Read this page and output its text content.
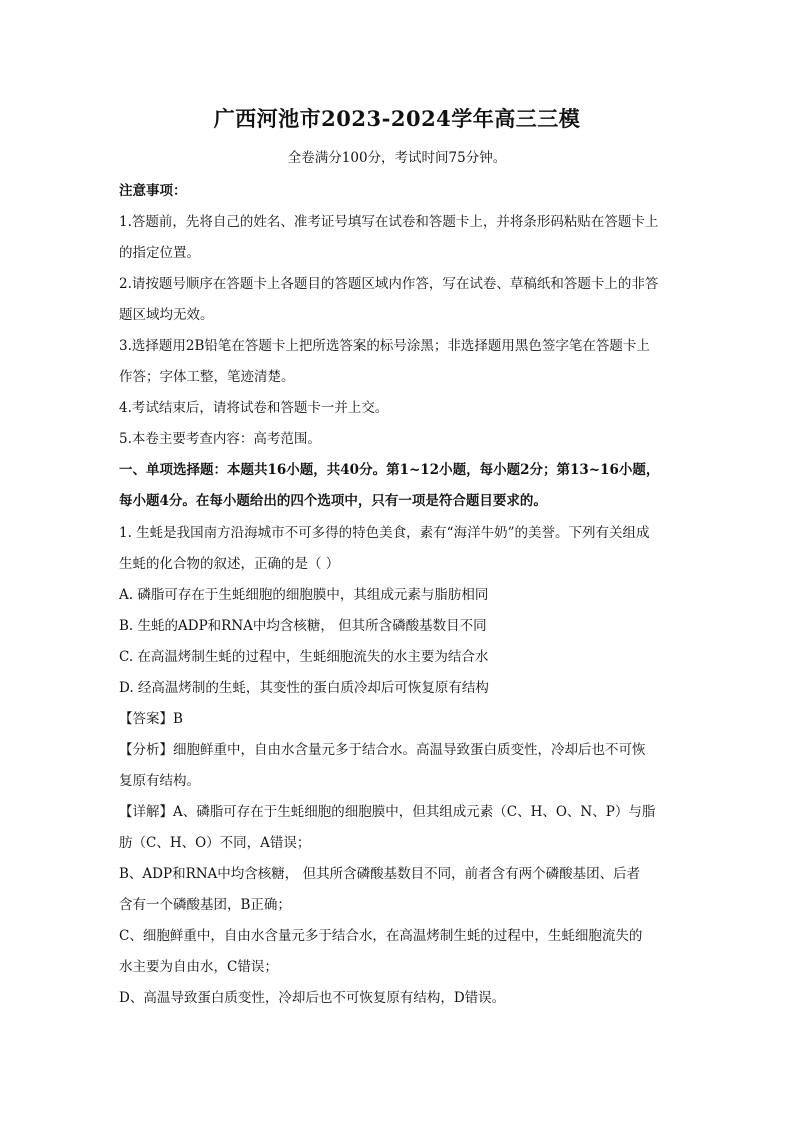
广西河池市2023-2024学年高三三模
全卷满分100分，考试时间75分钟。
注意事项：
1.答题前，先将自己的姓名、准考证号填写在试卷和答题卡上，并将条形码粘贴在答题卡上
的指定位置。
2.请按题号顺序在答题卡上各题目的答题区域内作答，写在试卷、草稿纸和答题卡上的非答
题区域均无效。
3.选择题用2B铅笔在答题卡上把所选答案的标号涂黑；非选择题用黑色签字笔在答题卡上
作答；字体工整，笔迹清楚。
4.考试结束后，请将试卷和答题卡一并上交。
5.本卷主要考查内容：高考范围。
一、单项选择题：本题共16小题，共40分。第1~12小题，每小题2分；第13~16小题，
每小题4分。在每小题给出的四个选项中，只有一项是符合题目要求的。
1. 生蚝是我国南方沿海城市不可多得的特色美食，素有“海洋牛奶”的美誉。下列有关组成
生蚝的化合物的叙述，正确的是（ ）
A. 磷脂可存在于生蚝细胞的细胞膜中，其组成元素与脂肪相同
B. 生蚝的ADP和RNA中均含核糖， 但其所含磷酸基数目不同
C. 在高温烤制生蚝的过程中，生蚝细胞流失的水主要为结合水
D. 经高温烤制的生蚝，其变性的蛋白质冷却后可恢复原有结构
【答案】B
【分析】细胞鲜重中，自由水含量元多于结合水。高温导致蛋白质变性，冷却后也不可恢
复原有结构。
【详解】A、磷脂可存在于生蚝细胞的细胞膜中，但其组成元素（C、H、O、N、P）与脂
肪（C、H、O）不同，A错误；
B、ADP和RNA中均含核糖， 但其所含磷酸基数目不同，前者含有两个磷酸基团、后者
含有一个磷酸基团，B正确；
C、细胞鲜重中，自由水含量元多于结合水，在高温烤制生蚝的过程中，生蚝细胞流失的
水主要为自由水，C错误；
D、高温导致蛋白质变性，冷却后也不可恢复原有结构，D错误。
